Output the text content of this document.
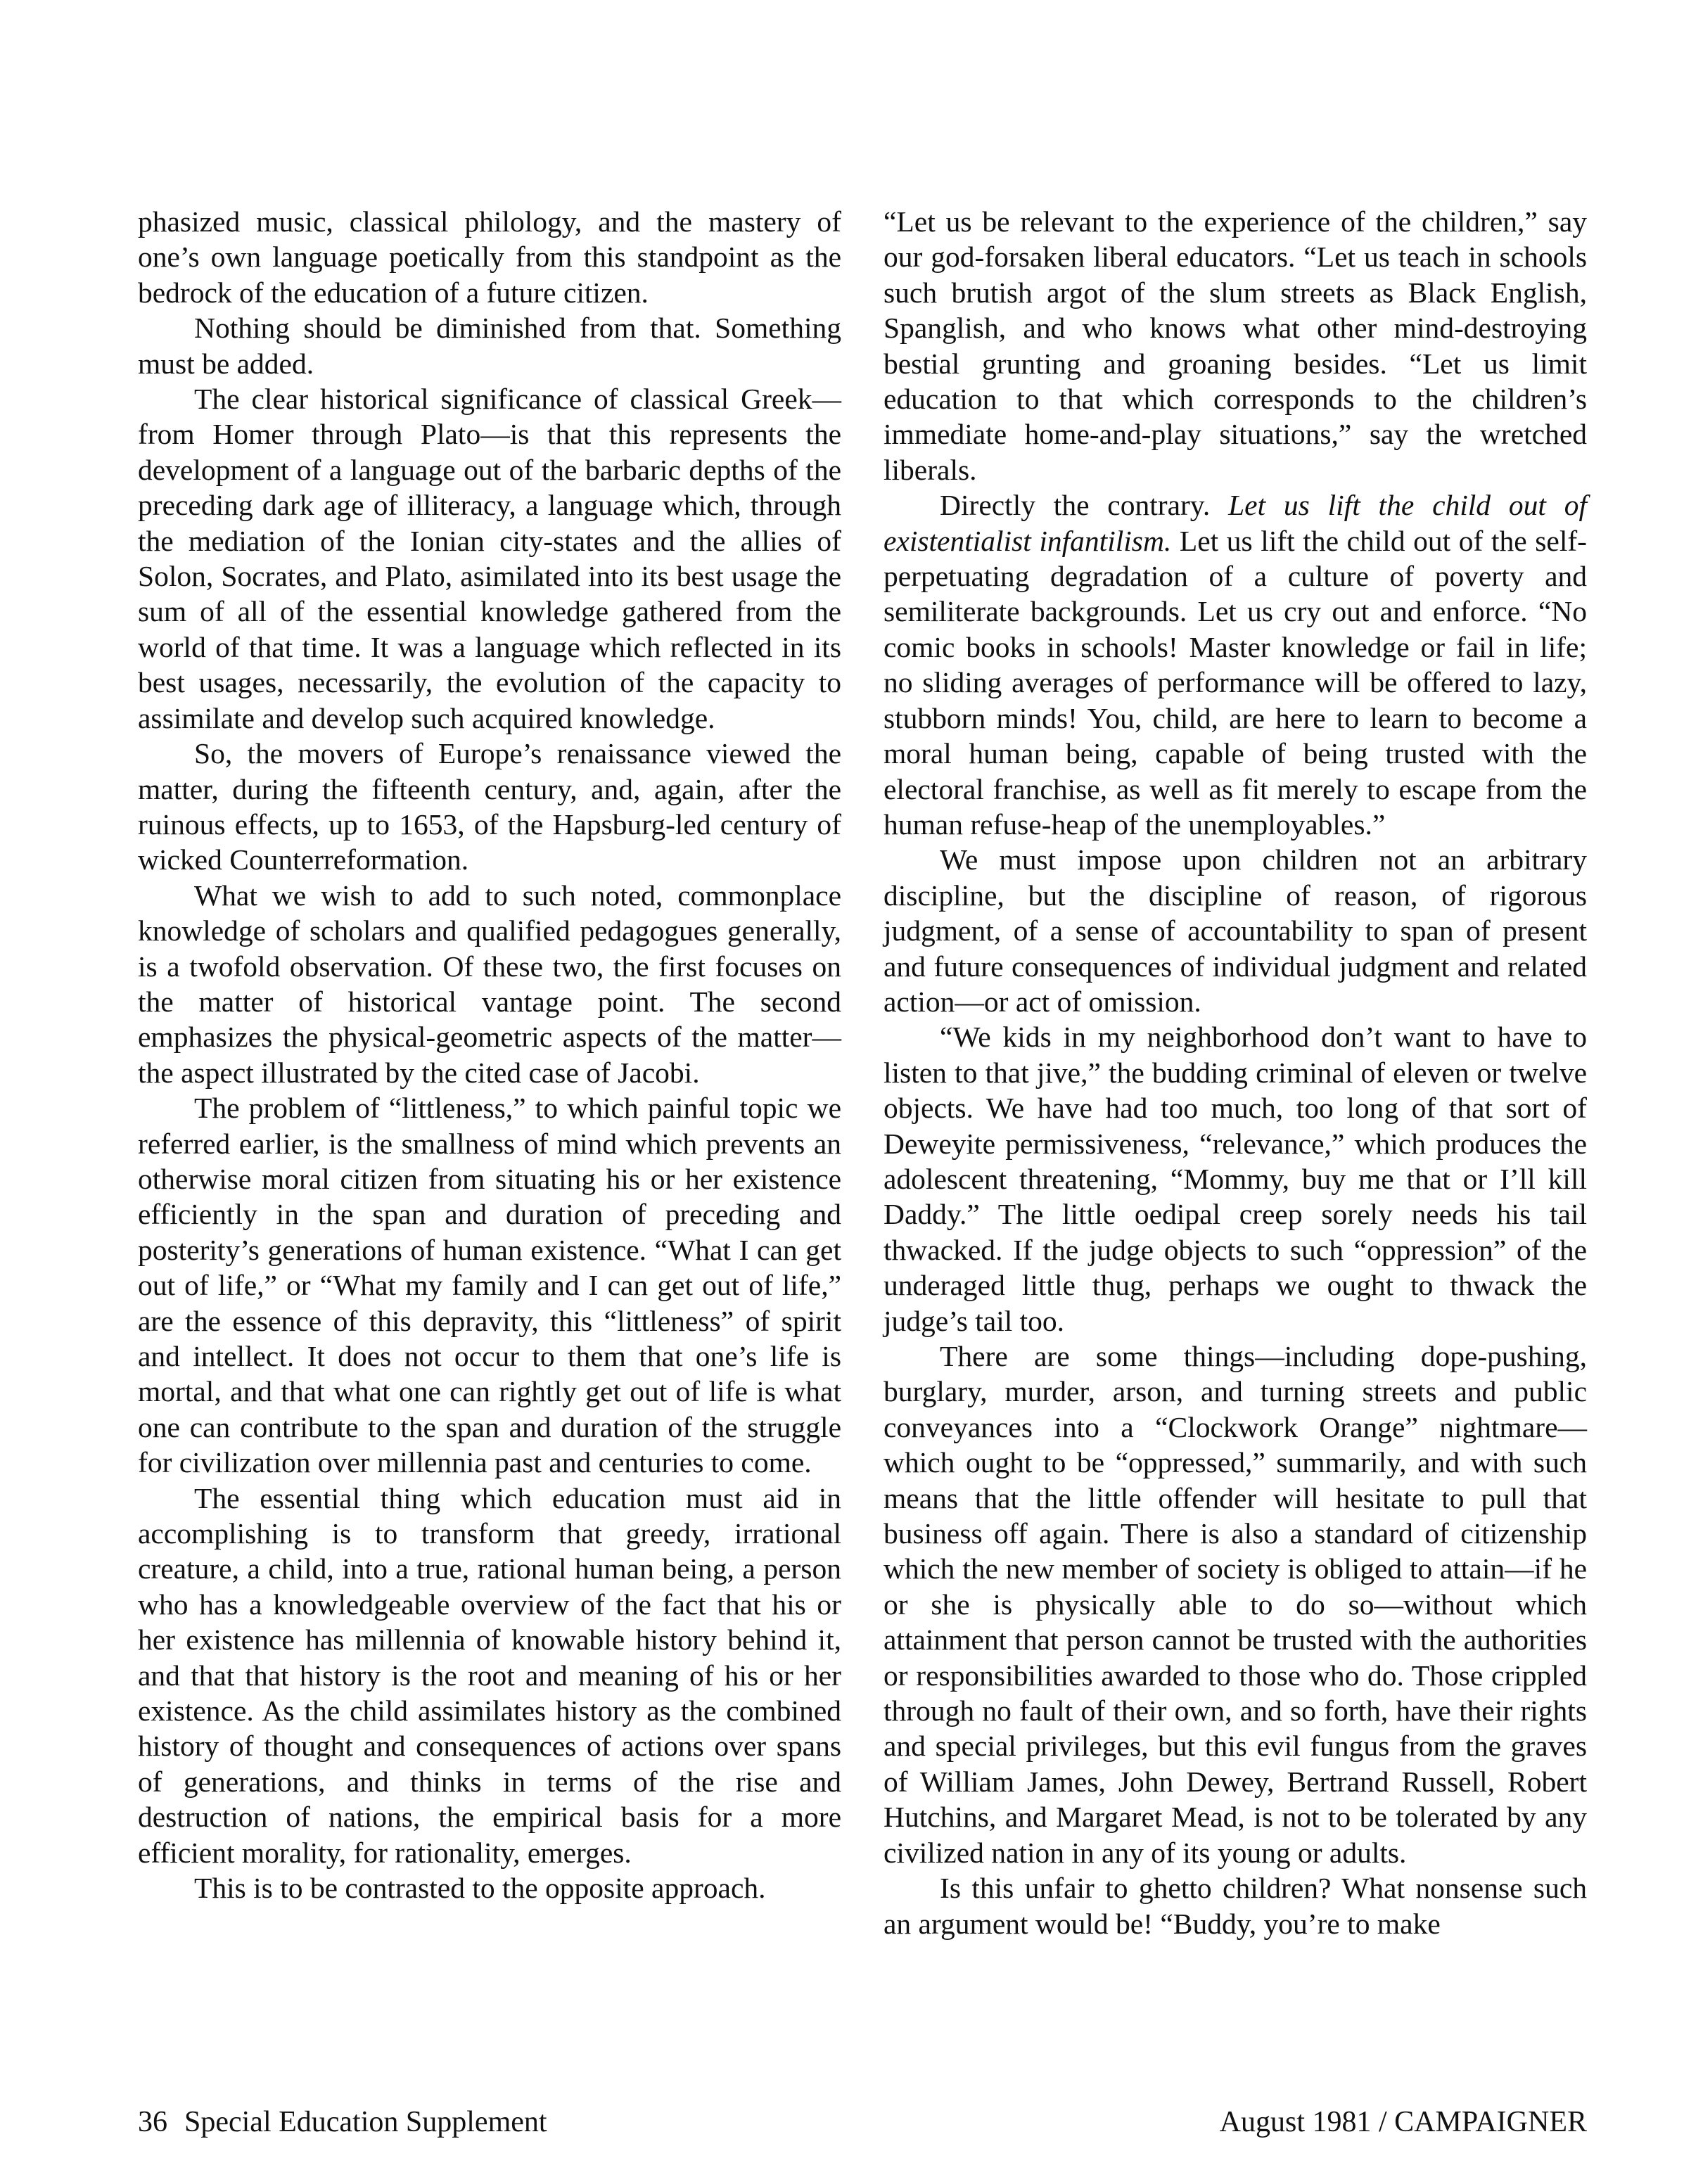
phasized music, classical philology, and the mastery of one’s own language poetically from this standpoint as the bedrock of the education of a future citizen.

Nothing should be diminished from that. Something must be added.

The clear historical significance of classical Greek—from Homer through Plato—is that this represents the development of a language out of the barbaric depths of the preceding dark age of illiteracy, a language which, through the mediation of the Ionian city-states and the allies of Solon, Socrates, and Plato, asimilated into its best usage the sum of all of the essential knowledge gathered from the world of that time. It was a language which reflected in its best usages, necessarily, the evolution of the capacity to assimilate and develop such acquired knowledge.

So, the movers of Europe’s renaissance viewed the matter, during the fifteenth century, and, again, after the ruinous effects, up to 1653, of the Hapsburg-led century of wicked Counterreformation.

What we wish to add to such noted, commonplace knowledge of scholars and qualified pedagogues generally, is a twofold observation. Of these two, the first focuses on the matter of historical vantage point. The second emphasizes the physical-geometric aspects of the matter—the aspect illustrated by the cited case of Jacobi.

The problem of “littleness,” to which painful topic we referred earlier, is the smallness of mind which prevents an otherwise moral citizen from situating his or her existence efficiently in the span and duration of preceding and posterity’s generations of human existence. “What I can get out of life,” or “What my family and I can get out of life,” are the essence of this depravity, this “littleness” of spirit and intellect. It does not occur to them that one’s life is mortal, and that what one can rightly get out of life is what one can contribute to the span and duration of the struggle for civilization over millennia past and centuries to come.

The essential thing which education must aid in accomplishing is to transform that greedy, irrational creature, a child, into a true, rational human being, a person who has a knowledgeable overview of the fact that his or her existence has millennia of knowable history behind it, and that that history is the root and meaning of his or her existence. As the child assimilates history as the combined history of thought and consequences of actions over spans of generations, and thinks in terms of the rise and destruction of nations, the empirical basis for a more efficient morality, for rationality, emerges.

This is to be contrasted to the opposite approach.

“Let us be relevant to the experience of the children,” say our god-forsaken liberal educators. “Let us teach in schools such brutish argot of the slum streets as Black English, Spanglish, and who knows what other mind-destroying bestial grunting and groaning besides. “Let us limit education to that which corresponds to the children’s immediate home-and-play situations,” say the wretched liberals.

Directly the contrary. Let us lift the child out of existentialist infantilism. Let us lift the child out of the self-perpetuating degradation of a culture of poverty and semiliterate backgrounds. Let us cry out and enforce. “No comic books in schools! Master knowledge or fail in life; no sliding averages of performance will be offered to lazy, stubborn minds! You, child, are here to learn to become a moral human being, capable of being trusted with the electoral franchise, as well as fit merely to escape from the human refuse-heap of the unemployables.”

We must impose upon children not an arbitrary discipline, but the discipline of reason, of rigorous judgment, of a sense of accountability to span of present and future consequences of individual judgment and related action—or act of omission.

“We kids in my neighborhood don’t want to have to listen to that jive,” the budding criminal of eleven or twelve objects. We have had too much, too long of that sort of Deweyite permissiveness, “relevance,” which produces the adolescent threatening, “Mommy, buy me that or I’ll kill Daddy.” The little oedipal creep sorely needs his tail thwacked. If the judge objects to such “oppression” of the underaged little thug, perhaps we ought to thwack the judge’s tail too.

There are some things—including dope-pushing, burglary, murder, arson, and turning streets and public conveyances into a “Clockwork Orange” nightmare—which ought to be “oppressed,” summarily, and with such means that the little offender will hesitate to pull that business off again. There is also a standard of citizenship which the new member of society is obliged to attain—if he or she is physically able to do so—without which attainment that person cannot be trusted with the authorities or responsibilities awarded to those who do. Those crippled through no fault of their own, and so forth, have their rights and special privileges, but this evil fungus from the graves of William James, John Dewey, Bertrand Russell, Robert Hutchins, and Margaret Mead, is not to be tolerated by any civilized nation in any of its young or adults.

Is this unfair to ghetto children? What nonsense such an argument would be! “Buddy, you’re to make

36 Special Education Supplement	August 1981 / CAMPAIGNER
